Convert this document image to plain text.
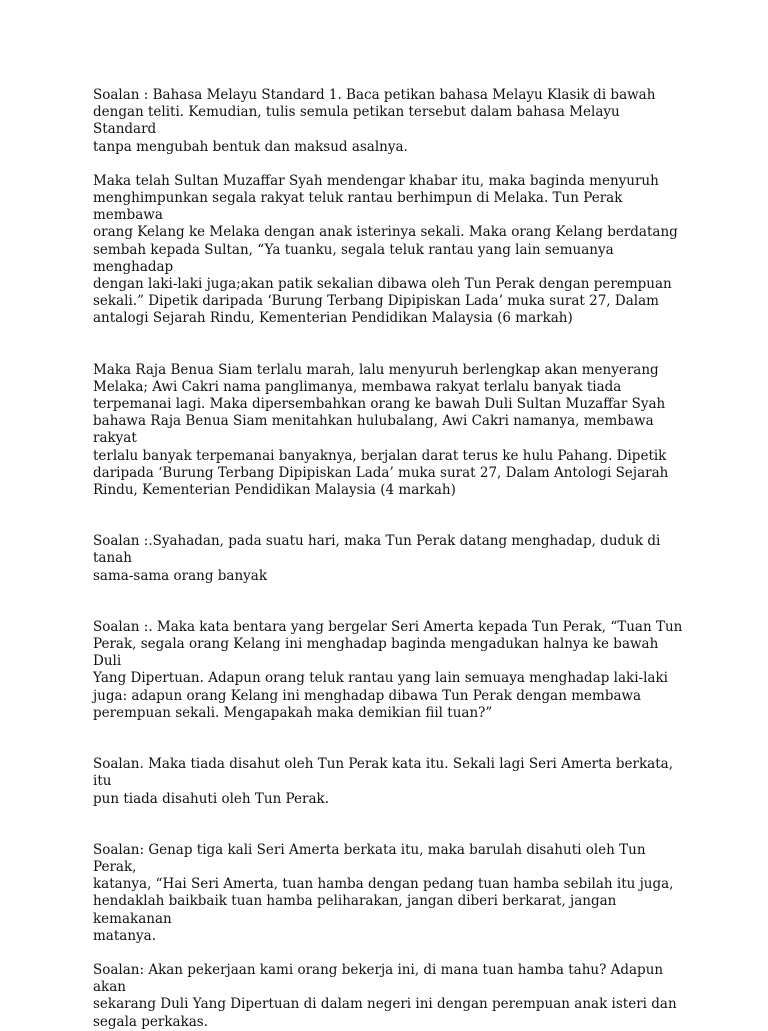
Soalan : Bahasa Melayu Standard 1. Baca petikan bahasa Melayu Klasik di bawah
dengan teliti. Kemudian, tulis semula petikan tersebut dalam bahasa Melayu Standard
tanpa mengubah bentuk dan maksud asalnya.

Maka telah Sultan Muzaffar Syah mendengar khabar itu, maka baginda menyuruh
menghimpunkan segala rakyat teluk rantau berhimpun di Melaka. Tun Perak membawa
orang Kelang ke Melaka dengan anak isterinya sekali. Maka orang Kelang berdatang
sembah kepada Sultan, “Ya tuanku, segala teluk rantau yang lain semuanya menghadap
dengan laki-laki juga;akan patik sekalian dibawa oleh Tun Perak dengan perempuan
sekali.” Dipetik daripada ‘Burung Terbang Dipipiskan Lada’ muka surat 27, Dalam
antalogi Sejarah Rindu, Kementerian Pendidikan Malaysia (6 markah)

Maka Raja Benua Siam terlalu marah, lalu menyuruh berlengkap akan menyerang
Melaka; Awi Cakri nama panglimanya, membawa rakyat terlalu banyak tiada
terpemanai lagi. Maka dipersembahkan orang ke bawah Duli Sultan Muzaffar Syah
bahawa Raja Benua Siam menitahkan hulubalang, Awi Cakri namanya, membawa rakyat
terlalu banyak terpemanai banyaknya, berjalan darat terus ke hulu Pahang. Dipetik
daripada ‘Burung Terbang Dipipiskan Lada’ muka surat 27, Dalam Antologi Sejarah
Rindu, Kementerian Pendidikan Malaysia (4 markah)

Soalan :.Syahadan, pada suatu hari, maka Tun Perak datang menghadap, duduk di tanah
sama-sama orang banyak

Soalan :. Maka kata bentara yang bergelar Seri Amerta kepada Tun Perak, “Tuan Tun
Perak, segala orang Kelang ini menghadap baginda mengadukan halnya ke bawah Duli
Yang Dipertuan. Adapun orang teluk rantau yang lain semuaya menghadap laki-laki
juga: adapun orang Kelang ini menghadap dibawa Tun Perak dengan membawa
perempuan sekali. Mengapakah maka demikian fiil tuan?”

Soalan. Maka tiada disahut oleh Tun Perak kata itu. Sekali lagi Seri Amerta berkata, itu
pun tiada disahuti oleh Tun Perak.

Soalan: Genap tiga kali Seri Amerta berkata itu, maka barulah disahuti oleh Tun Perak,
katanya, “Hai Seri Amerta, tuan hamba dengan pedang tuan hamba sebilah itu juga,
hendaklah baikbaik tuan hamba peliharakan, jangan diberi berkarat, jangan kemakanan
matanya.

Soalan: Akan pekerjaan kami orang bekerja ini, di mana tuan hamba tahu? Adapun akan
sekarang Duli Yang Dipertuan di dalam negeri ini dengan perempuan anak isteri dan
segala perkakas.
